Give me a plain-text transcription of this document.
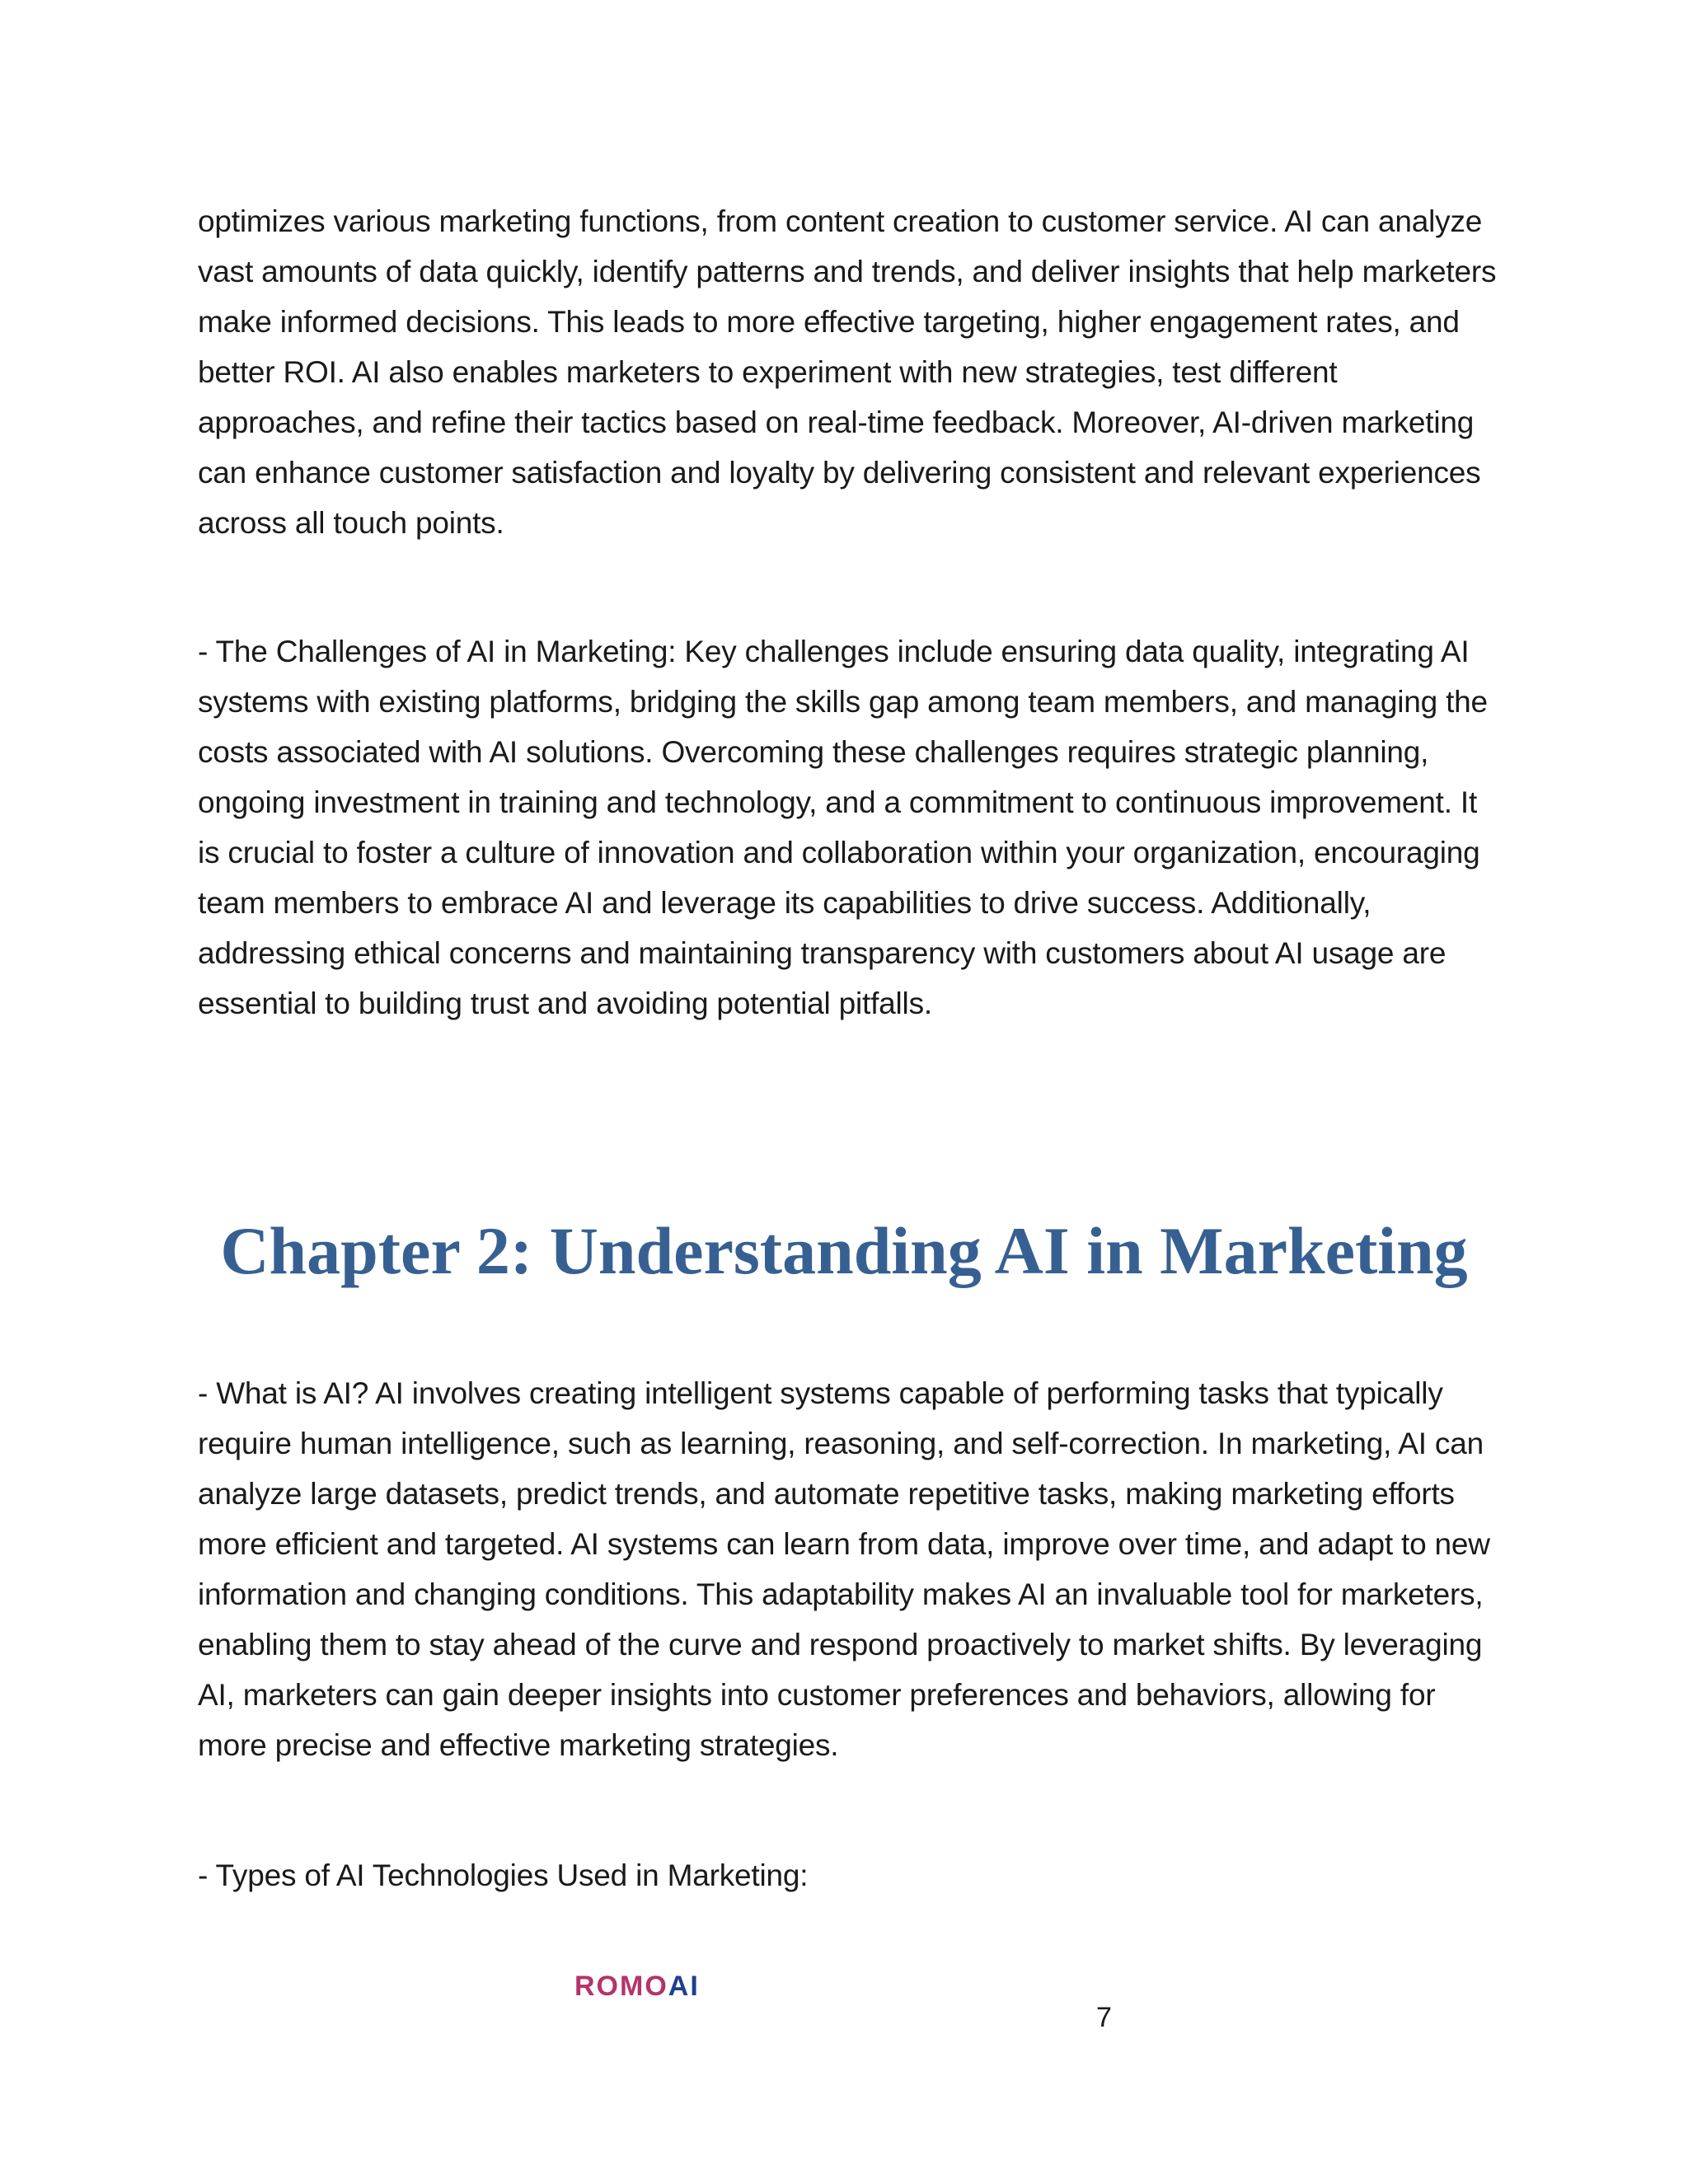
optimizes various marketing functions, from content creation to customer service. AI can analyze vast amounts of data quickly, identify patterns and trends, and deliver insights that help marketers make informed decisions. This leads to more effective targeting, higher engagement rates, and better ROI. AI also enables marketers to experiment with new strategies, test different approaches, and refine their tactics based on real-time feedback. Moreover, AI-driven marketing can enhance customer satisfaction and loyalty by delivering consistent and relevant experiences across all touch points.

- The Challenges of AI in Marketing: Key challenges include ensuring data quality, integrating AI systems with existing platforms, bridging the skills gap among team members, and managing the costs associated with AI solutions. Overcoming these challenges requires strategic planning, ongoing investment in training and technology, and a commitment to continuous improvement. It is crucial to foster a culture of innovation and collaboration within your organization, encouraging team members to embrace AI and leverage its capabilities to drive success. Additionally, addressing ethical concerns and maintaining transparency with customers about AI usage are essential to building trust and avoiding potential pitfalls.

Chapter 2: Understanding AI in Marketing

- What is AI? AI involves creating intelligent systems capable of performing tasks that typically require human intelligence, such as learning, reasoning, and self-correction. In marketing, AI can analyze large datasets, predict trends, and automate repetitive tasks, making marketing efforts more efficient and targeted. AI systems can learn from data, improve over time, and adapt to new information and changing conditions. This adaptability makes AI an invaluable tool for marketers, enabling them to stay ahead of the curve and respond proactively to market shifts. By leveraging AI, marketers can gain deeper insights into customer preferences and behaviors, allowing for more precise and effective marketing strategies.

- Types of AI Technologies Used in Marketing:

ROMOAI
7
